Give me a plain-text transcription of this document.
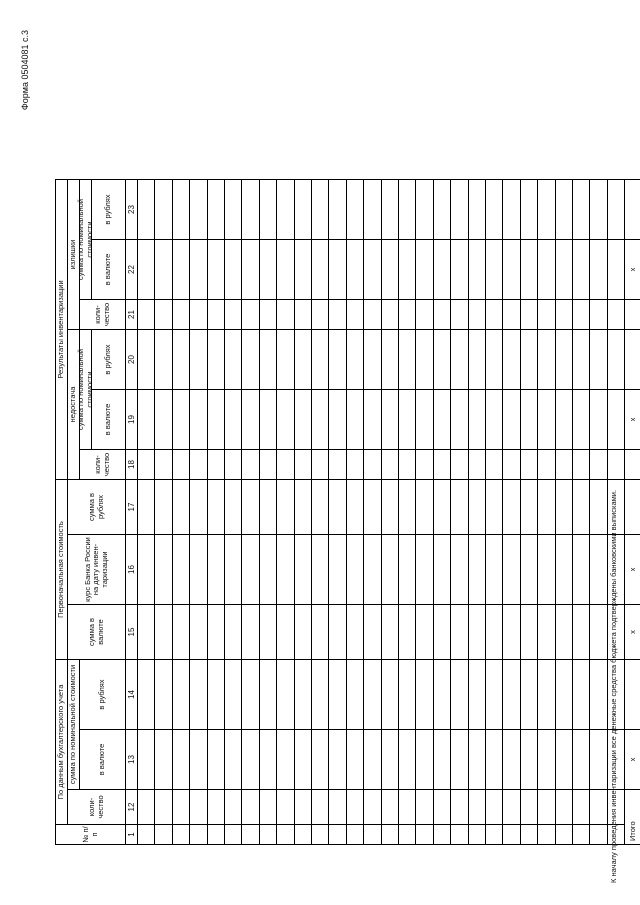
Форма 0504081 с.3
№ п/п
По данным бухгалтерского учета
коли-чество
сумма по номинальной стоимости	в валюте
в рублях
Первоначальная стоимость
сумма в валюте
курс Банка России на дату инвен-таризации
сумма в рублях
Результаты инвентаризации
недостача
излишки
коли-чество
сумма по номинальной стоимости
в валюте
в рублях
коли-чество
сумма по номинальной стоимости
в валюте
в рублях
1
12
13
14
15
16
17
18
19
20
21
22
23
Итого
x
x
x
x
x
К началу проведения инвентаризации все денежные средства бюджета подтверждены банковскими выписками.
